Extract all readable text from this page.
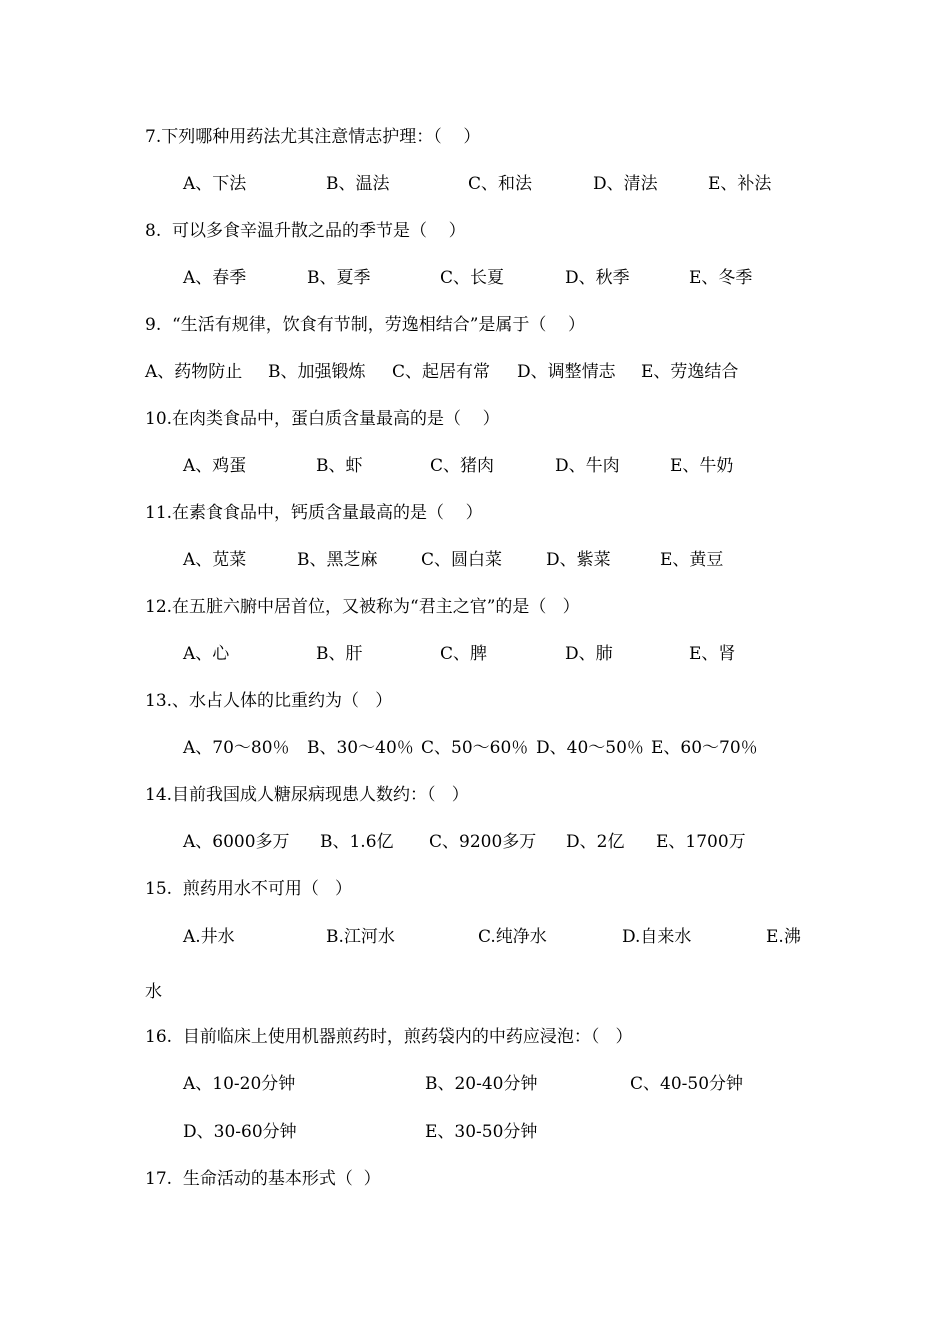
7.下列哪种用药法尤其注意情志护理：（    ）
A、下法	B、温法	C、和法	D、清法	E、补法
8.  可以多食辛温升散之品的季节是（    ）
A、春季	B、夏季	C、长夏	D、秋季	E、冬季
9.  “生活有规律，饮食有节制，劳逸相结合”是属于（    ）
A、药物防止 B、加强锻炼 C、起居有常 D、调整情志 E、劳逸结合
10.在肉类食品中，蛋白质含量最高的是（    ）
A、鸡蛋	B、虾	C、猪肉	D、牛肉	E、牛奶
11.在素食食品中，钙质含量最高的是（    ）
A、苋菜	B、黑芝麻	C、圆白菜	D、紫菜	E、黄豆
12.在五脏六腑中居首位，又被称为“君主之官”的是（   ）
A、心	B、肝	C、脾	D、肺	E、肾
13.、水占人体的比重约为（   ）
A、70～80％ B、30～40％ C、50～60％ D、40～50％ E、60～70％
14.目前我国成人糖尿病现患人数约：（   ）
A、6000多万 B、1.6亿 C、9200多万 D、2亿 E、1700万
15.  煎药用水不可用（   ）
A.井水	B.江河水	C.纯净水	D.自来水	E.沸
水
16.  目前临床上使用机器煎药时，煎药袋内的中药应浸泡：（   ）
A、10-20分钟	B、20-40分钟	C、40-50分钟
D、30-60分钟	E、30-50分钟
17.  生命活动的基本形式（  ）
